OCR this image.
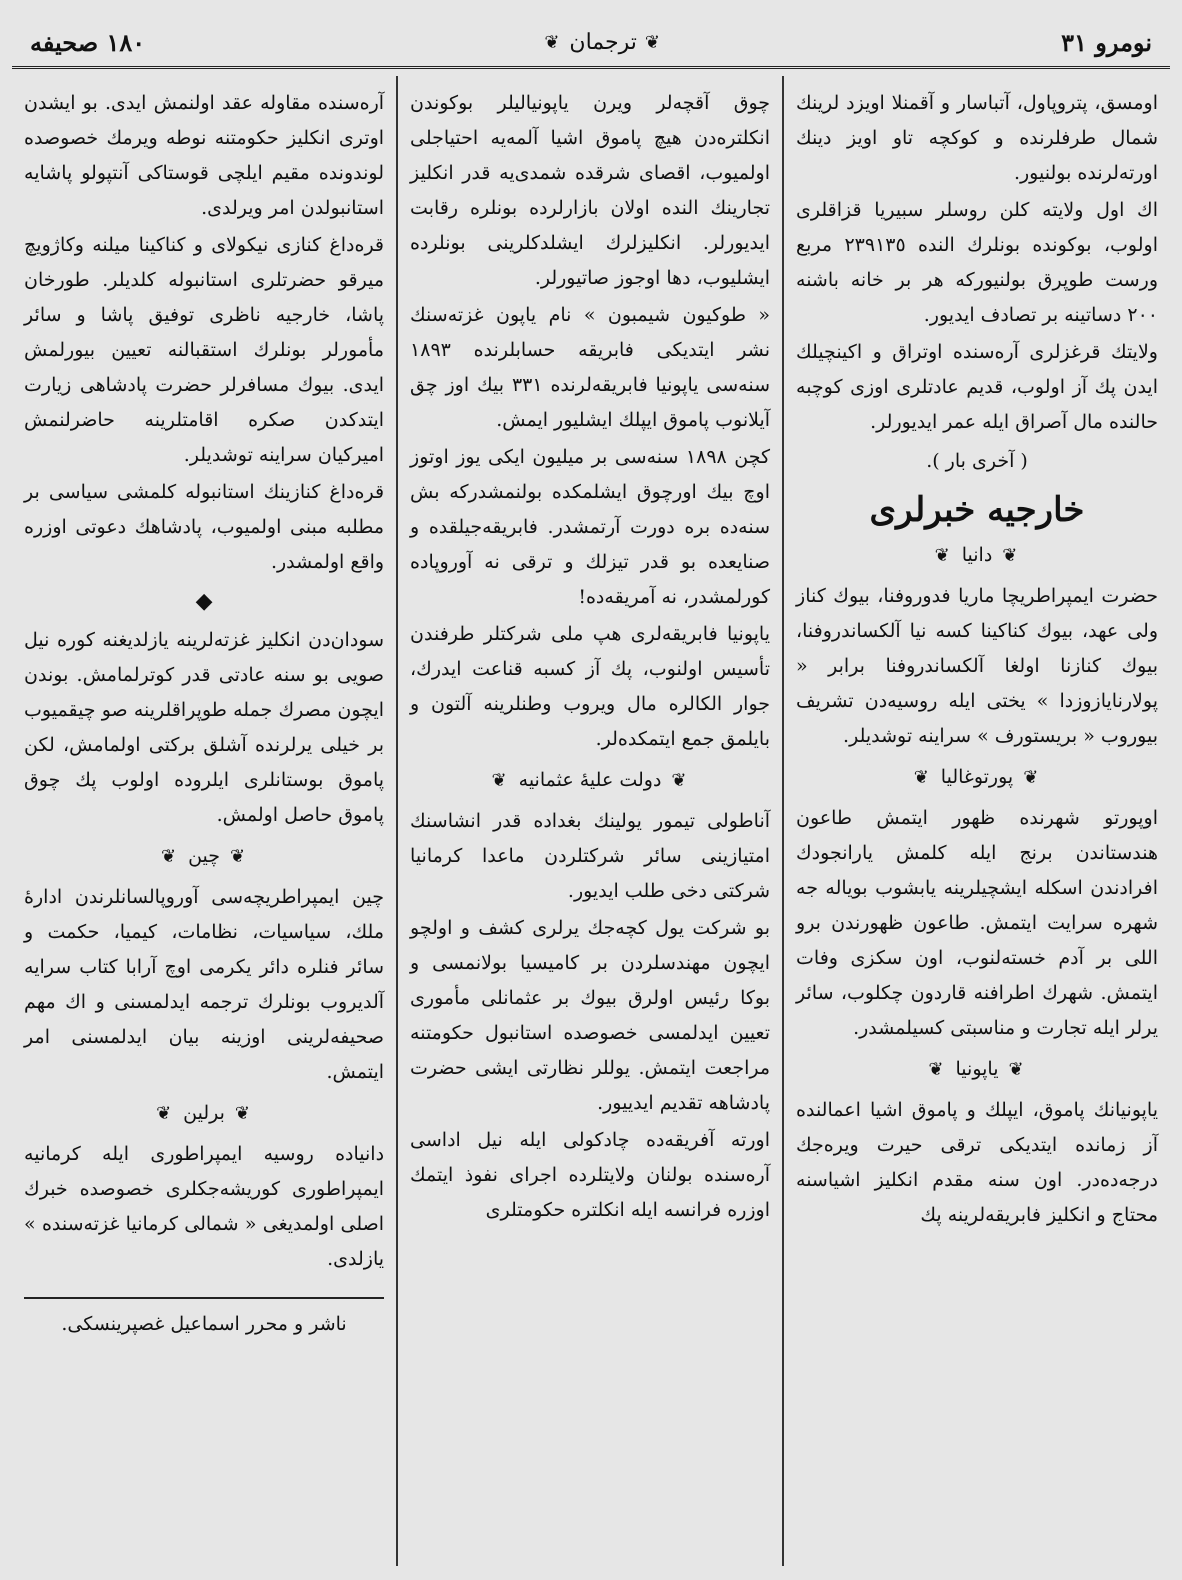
نومرو ٣١
❦
ترجمان
❦
١٨٠ صحيفه

اومسق، پتروپاول، آتباسار و آقمنلا اويزد لرينك شمال طرفلرنده و كوكچه تاو اويز دينك اورته‌لرنده بولنيور.

اك اول ولايته كلن روسلر سبيريا قزاقلرى اولوب، بوكونده بونلرك النده ٢٣٩١٣٥ مربع ورست طوپرق بولنيوركه هر بر خانه باشنه ٢٠٠ دساتينه بر تصادف ايديور.

ولايتك قرغزلرى آره‌سنده اوتراق و اكينچيلك ايدن پك آز اولوب، قديم عادتلرى اوزى كوچبه حالنده مال آصراق ايله عمر ايديورلر.

( آخرى بار ).
خارجيه خبرلرى
❦
دانيا
❦

حضرت ايمپراطريچا ماريا فدوروفنا، بيوك كناز ولى عهد، بيوك كناكينا كسه نيا آلكساندروفنا، بيوك كنازنا اولغا آلكساندروفنا برابر « پولارنايازوزدا » يختى ايله روسيه‌دن تشريف بيوروب « بريستورف » سراينه توشديلر.

❦
پورتوغاليا
❦

اوپورتو شهرنده ظهور ايتمش طاعون هندستاندن برنج ايله كلمش يارانجودك افرادندن اسكله ايشچيلرينه يابشوب بوياله جه شهره سرايت ايتمش. طاعون ظهورندن برو اللى بر آدم خسته‌لنوب، اون سكزى وفات ايتمش. شهرك اطرافنه قاردون چكلوب، سائر يرلر ايله تجارت و مناسبتى كسيلمشدر.

❦
ياپونيا
❦

ياپونيانك پاموق، ايپلك و پاموق اشيا اعمالنده آز زمانده ايتديكى ترقى حيرت ويره‌جك درجه‌ده‌در. اون سنه مقدم انكليز اشياسنه محتاج و انكليز فابريقه‌لرينه پك

چوق آقچه‌لر ويرن ياپونيا‌ليلر بوكوندن انكلتره‌دن هيچ پاموق اشيا آلمه‌يه احتياجلى اولميوب، اقصاى شرقده شمدى‌يه قدر انكليز تجارينك النده اولان بازارلرده بونلره رقابت ايديورلر. انكليزلرك ايشلدكلرينى بونلرده ايشليوب، دها اوجوز صاتيورلر.

« طوكيون شيمبون » نام ياپون غزته‌سنك نشر ايتديكى فابريقه حسابلرنده ١٨٩٣ سنه‌سى ياپونيا فابريقه‌لرنده ٣٣١ بيك اوز چق آيلانوب پاموق ايپلك ايشليور ايمش.

كچن ١٨٩٨ سنه‌سى بر ميليون ايكى يوز اوتوز اوچ بيك اورچوق ايشلمكده بولنمشدركه بش سنه‌ده بره دورت آرتمشدر. فابريقه‌جيلقده و صنايعده بو قدر تيزلك و ترقى نه آوروپاده كورلمشدر، نه آمريقه‌ده!

ياپونيا فابريقه‌لرى هپ ملى شركتلر طرفندن تأسيس اولنوب، پك آز كسبه قناعت ايدرك، جوار الكالره مال ويروب وطنلرينه آلتون و بايلمق جمع ايتمكده‌لر.

❦
دولت عليهٔ عثمانيه
❦

آناطولى تيمور يولينك بغداده قدر انشاسنك امتيازينى سائر شركتلردن ماعدا كرمانيا شركتى دخى طلب ايديور.

بو شركت يول كچه‌جك يرلرى كشف و اولچو ايچون مهندسلردن بر كاميسيا بولانمسى و بوكا رئيس اولرق بيوك بر عثمانلى مأمورى تعيين ايدلمسى خصوصده استانبول حكومتنه مراجعت ايتمش. يوللر نظارتى ايشى حضرت پادشاهه تقديم ايدييور.

اورته آفريقه‌ده چادكولى ايله نيل اداسى آره‌سنده بولنان ولايتلرده اجراى نفوذ ايتمك اوزره فرانسه ايله انكلتره حكومتلرى

آره‌سنده مقاوله عقد اولنمش ايدى. بو ايشدن اوترى انكليز حكومتنه نوطه ويرمك خصوصده لوندونده مقيم ايلچى قوستاكى آنتپولو پاشايه استانبولدن امر ويرلدى.

قره‌داغ كنازى نيكولاى و كناكينا ميلنه وكاژويچ ميرقو حضرتلرى استانبوله كلديلر. طورخان پاشا، خارجيه ناظرى توفيق پاشا و سائر مأمورلر بونلرك استقبالنه تعيين بيورلمش ايدى. بيوك مسافرلر حضرت پادشاهى زيارت ايتدكدن صكره اقامتلرينه حاضرلنمش اميركيان سراينه توشديلر.

قره‌داغ كنازينك استانبوله كلمشى سياسى بر مطلبه مبنى اولميوب، پادشاهك دعوتى اوزره واقع اولمشدر.

◆

سودان‌دن انكليز غزته‌لرينه يازلديغنه كوره نيل صويى بو سنه عادتى قدر كوترلمامش. بوندن ايچون مصرك جمله طوپراقلرينه صو چيقميوب بر خيلى يرلرنده آشلق بركتى اولمامش، لكن پاموق بوستانلرى ايلرودە اولوب پك چوق پاموق حاصل اولمش.

❦
چين
❦

چين ايمپراطريچه‌سى آوروپالسانلرندن ادارهٔ ملك، سياسيات، نظامات، كيميا، حكمت و سائر فنلره دائر يكرمى اوچ آرابا كتاب سرايه آلديروب بونلرك ترجمه ايدلمسنى و اك مهم صحيفه‌لرينى اوزينه بيان ايدلمسنى امر ايتمش.

❦
برلين
❦

دانياده روسيه ايمپراطورى ايله كرمانيه ايمپراطورى كوريشه‌جكلرى خصوصده خبرك اصلى اولمديغى « شمالى كرمانيا غزته‌سنده » يازلدى.

ناشر و محرر اسماعيل غصپرينسكى.
